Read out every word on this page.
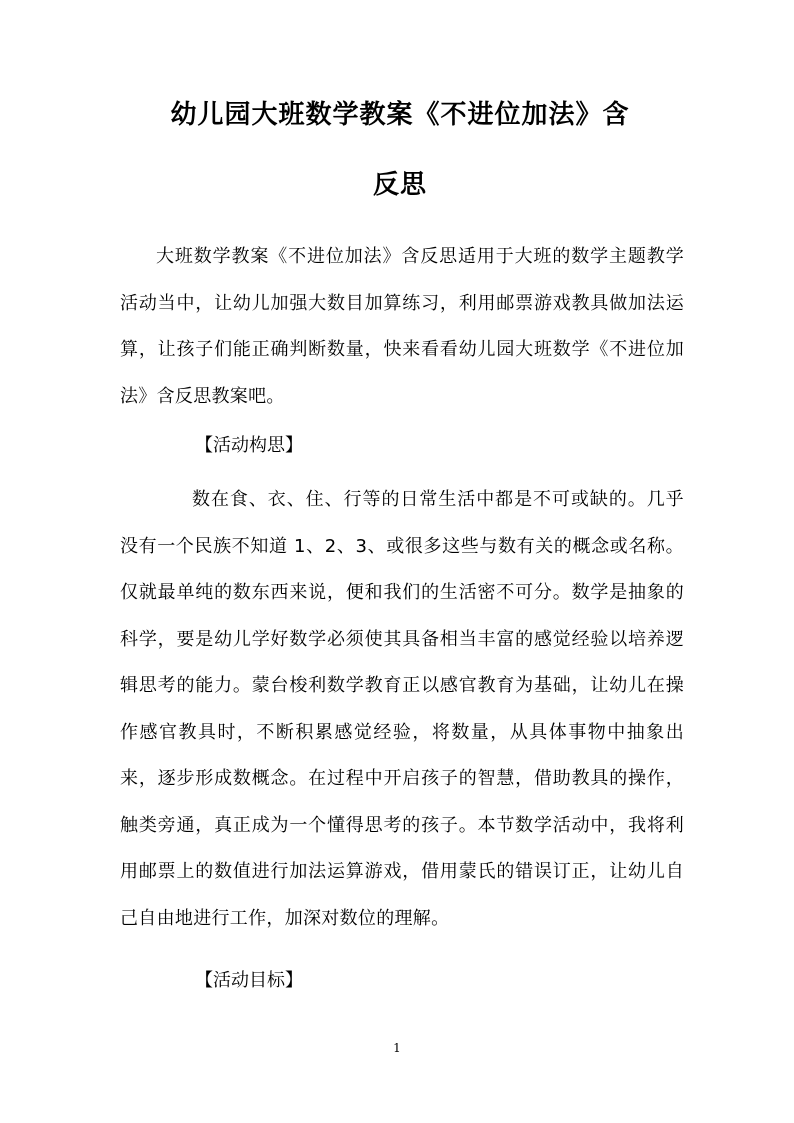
幼儿园大班数学教案《不进位加法》含
反思

大班数学教案《不进位加法》含反思适用于大班的数学主题教学活动当中，让幼儿加强大数目加算练习，利用邮票游戏教具做加法运算，让孩子们能正确判断数量，快来看看幼儿园大班数学《不进位加法》含反思教案吧。

【活动构思】

数在食、衣、住、行等的日常生活中都是不可或缺的。几乎没有一个民族不知道 1、2、3、或很多这些与数有关的概念或名称。仅就最单纯的数东西来说，便和我们的生活密不可分。数学是抽象的科学，要是幼儿学好数学必须使其具备相当丰富的感觉经验以培养逻辑思考的能力。蒙台梭利数学教育正以感官教育为基础，让幼儿在操作感官教具时，不断积累感觉经验，将数量，从具体事物中抽象出来，逐步形成数概念。在过程中开启孩子的智慧，借助教具的操作，触类旁通，真正成为一个懂得思考的孩子。本节数学活动中，我将利用邮票上的数值进行加法运算游戏，借用蒙氏的错误订正，让幼儿自己自由地进行工作，加深对数位的理解。

【活动目标】

1
